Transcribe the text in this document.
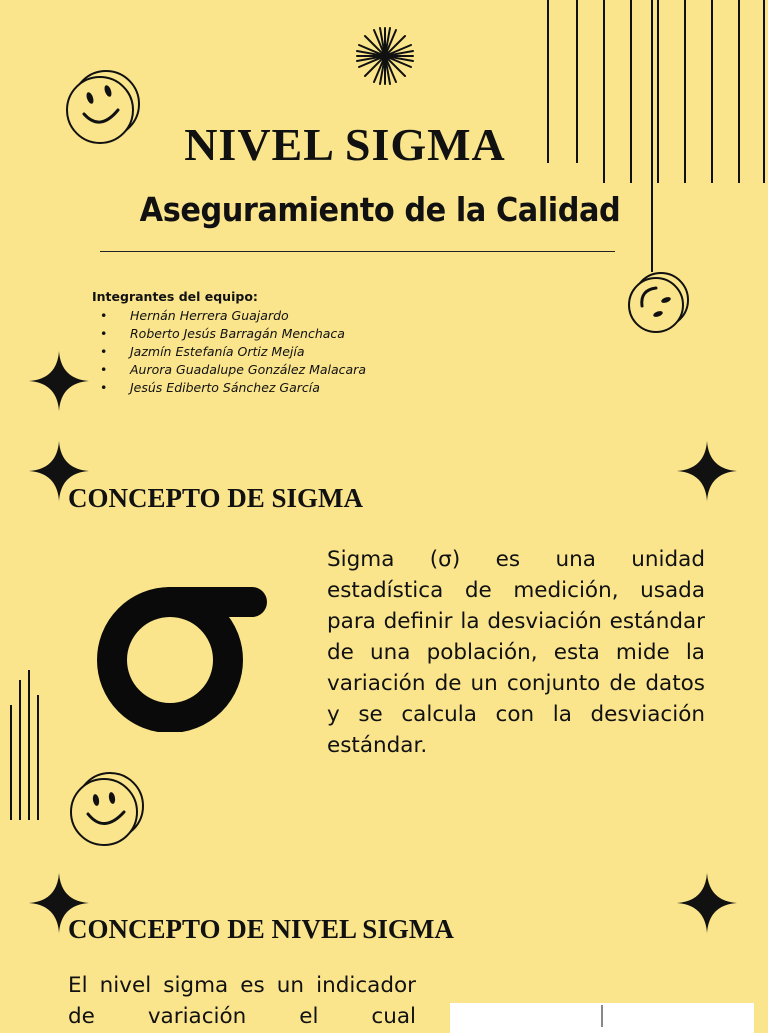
NIVEL SIGMA
Aseguramiento de la Calidad
Integrantes del equipo:
• Hernán Herrera Guajardo
• Roberto Jesús Barragán Menchaca
• Jazmín Estefanía Ortiz Mejía
• Aurora Guadalupe González Malacara
• Jesús Ediberto Sánchez García
CONCEPTO DE SIGMA
Sigma (σ) es una unidad estadística de medición, usada para definir la desviación estándar de una población, esta mide la variación de un conjunto de datos y se calcula con la desviación estándar.
CONCEPTO DE NIVEL SIGMA
El nivel sigma es un indicador de variación el cual
